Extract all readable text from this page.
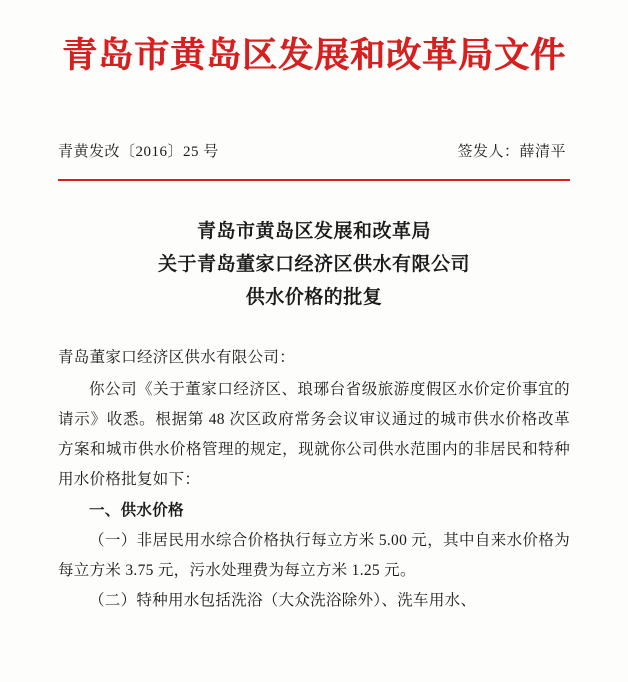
青岛市黄岛区发展和改革局文件
青黄发改〔2016〕25 号	签发人：薛清平
青岛市黄岛区发展和改革局
关于青岛董家口经济区供水有限公司
供水价格的批复

青岛董家口经济区供水有限公司：

你公司《关于董家口经济区、琅琊台省级旅游度假区水价定价事宜的请示》收悉。根据第 48 次区政府常务会议审议通过的城市供水价格改革方案和城市供水价格管理的规定，现就你公司供水范围内的非居民和特种用水价格批复如下：

一、供水价格

（一）非居民用水综合价格执行每立方米 5.00 元，其中自来水价格为每立方米 3.75 元，污水处理费为每立方米 1.25 元。

（二）特种用水包括洗浴（大众洗浴除外）、洗车用水、
